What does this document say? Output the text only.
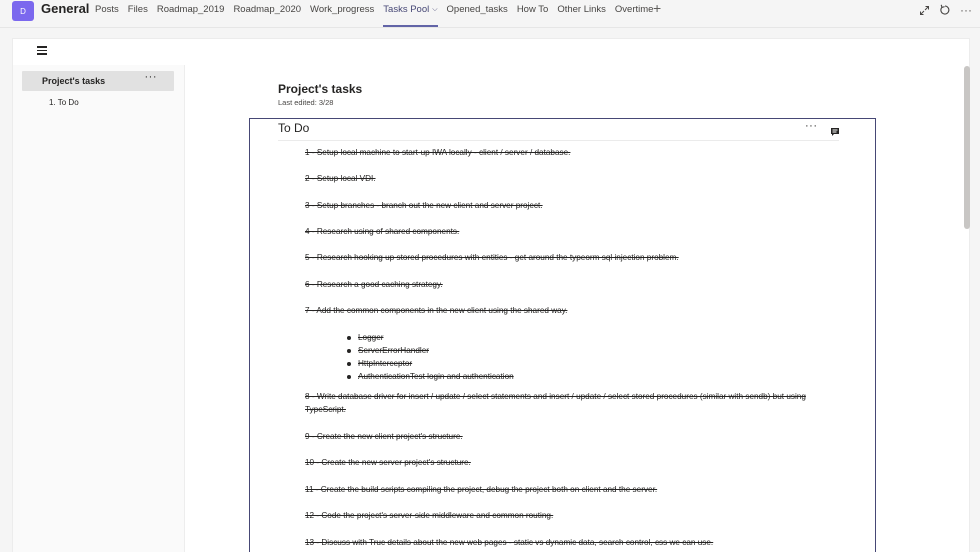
D	General Posts Files Roadmap_2019 Roadmap_2020 Work_progress Tasks Pool ⌵ Opened_tasks How To Other Links Overtime +	···
Project's tasks	···
1. To Do
Project's tasks
Last edited: 3/28
To Do	···
1 - Setup local machine to start-up IWA locally - client / server / database.
2 - Setup local VDI.
3 - Setup branches - branch out the new client and server project.
4 - Research using of shared components.
5 - Research hooking up stored procedures with entities - get around the typeorm sql injection problem.
6 - Research a good caching strategy.
7 - Add the common components in the new client using the shared way.
Logger
ServerErrorHandler
HttpInterceptor
AuthenticationTest login and authentication
8 - Write database driver for insert / update / select statements and insert / update / select stored procedures (similar with sendb) but using TypeScript.
9 - Create the new client project's structure.
10 - Create the new server project's structure.
11 - Create the build scripts compiling the project, debug the project both on client and the server.
12 - Code the project's server-side middleware and common routing.
13 - Discuss with Truc details about the new web pages - static vs dynamic data, search control, css we can use.
